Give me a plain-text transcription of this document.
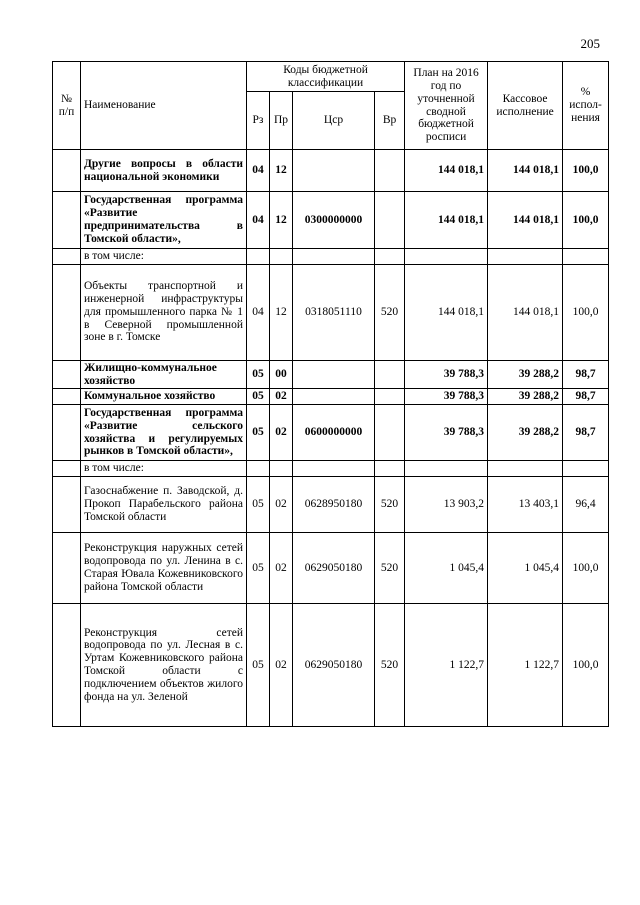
205
№ п/п	Наименование	Коды бюджетной классификации				План на 2016 год по уточненной сводной бюджетной росписи	Кассовое исполнение	% испол-нения
		Рз	Пр	Цср	Вр			
	Другие вопросы в области национальной экономики	04	12			144 018,1	144 018,1	100,0
	Государственная программа «Развитие предпринимательства в Томской области»,	04	12	0300000000		144 018,1	144 018,1	100,0
	в том числе:							
	Объекты транспортной и инженерной инфраструктуры для промышленного парка № 1 в Северной промышленной зоне в г. Томске	04	12	0318051110	520	144 018,1	144 018,1	100,0
	Жилищно-коммунальное хозяйство	05	00			39 788,3	39 288,2	98,7
	Коммунальное хозяйство	05	02			39 788,3	39 288,2	98,7
	Государственная программа «Развитие сельского хозяйства и регулируемых рынков в Томской области»,	05	02	0600000000		39 788,3	39 288,2	98,7
	в том числе:							
	Газоснабжение п. Заводской, д. Прокоп Парабельского района Томской области	05	02	0628950180	520	13 903,2	13 403,1	96,4
	Реконструкция наружных сетей водопровода по ул. Ленина в с. Старая Ювала Кожевниковского района Томской области	05	02	0629050180	520	1 045,4	1 045,4	100,0
	Реконструкция сетей водопровода по ул. Лесная в с. Уртам Кожевниковского района Томской области с подключением объектов жилого фонда на ул. Зеленой	05	02	0629050180	520	1 122,7	1 122,7	100,0
